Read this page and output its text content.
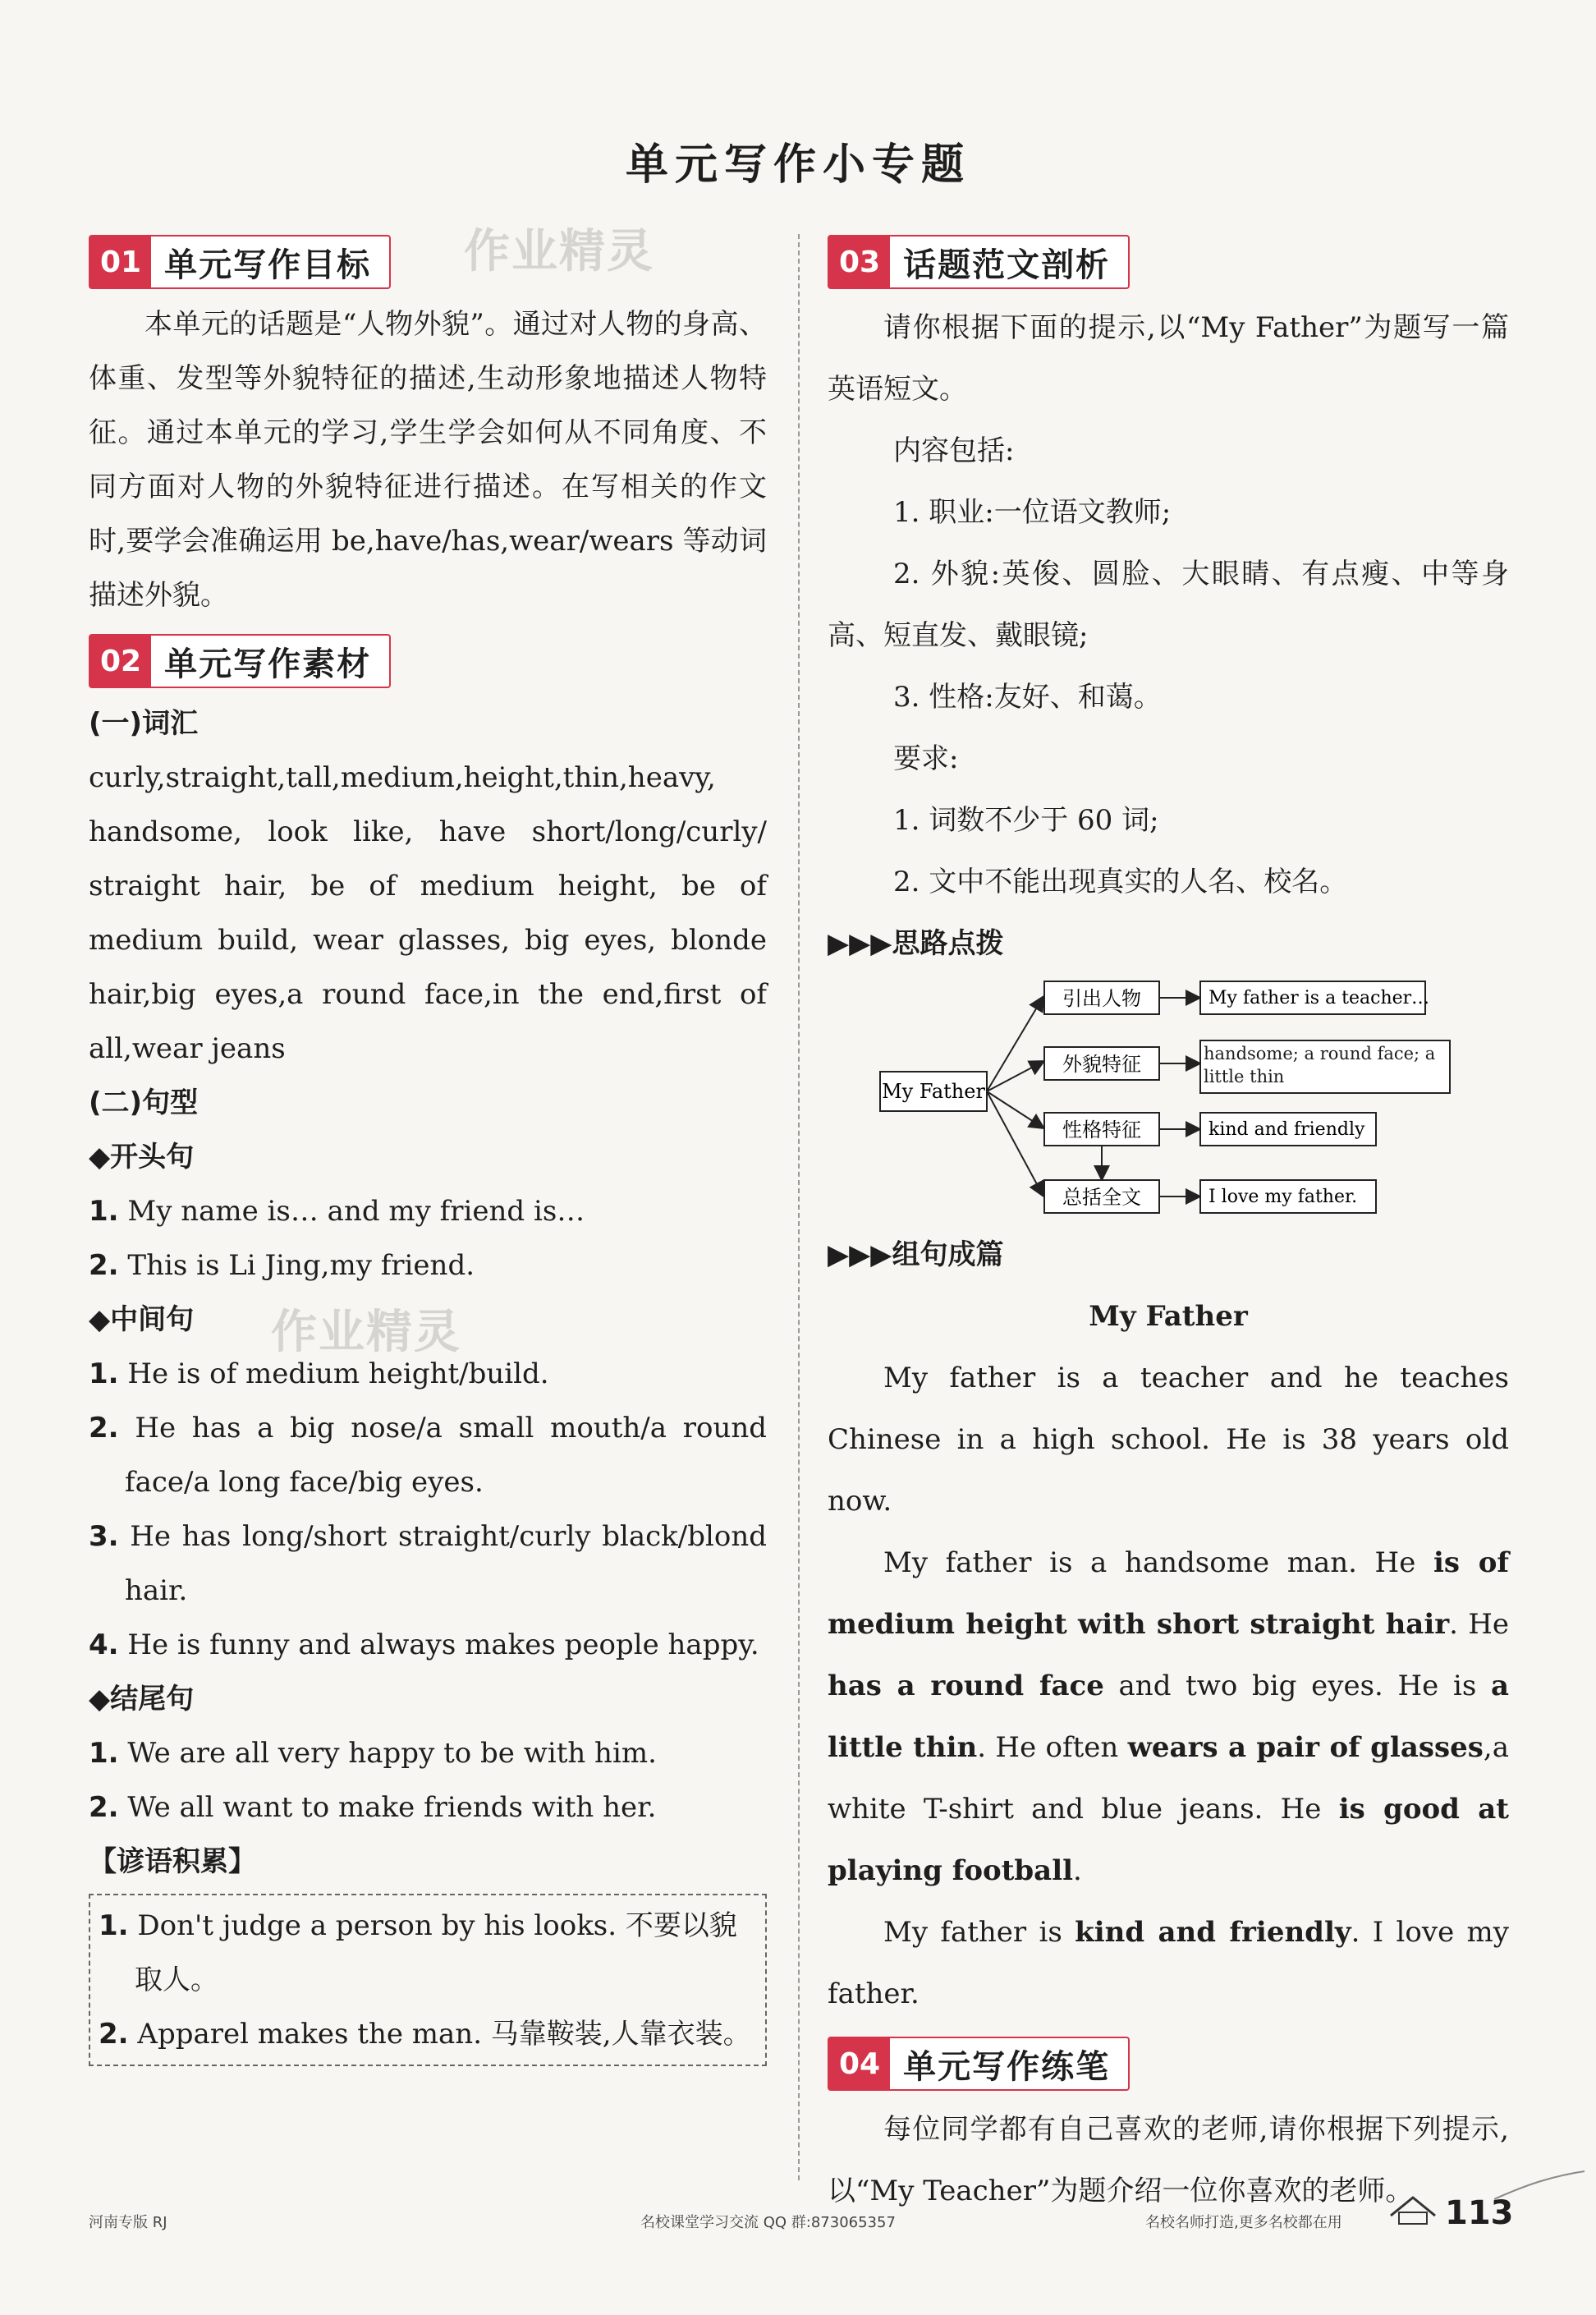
单元写作小专题
作业精灵
作业精灵
01 单元写作目标

本单元的话题是“人物外貌”。通过对人物的身高、体重、发型等外貌特征的描述,生动形象地描述人物特征。通过本单元的学习,学生学会如何从不同角度、不同方面对人物的外貌特征进行描述。在写相关的作文时,要学会准确运用 be,have/has,wear/wears 等动词描述外貌。

02 单元写作素材
(一)词汇

curly,straight,tall,medium,height,thin,heavy, handsome, look like, have short/long/curly/ straight hair, be of medium height, be of medium build, wear glasses, big eyes, blonde hair,big eyes,a round face,in the end,first of all,wear jeans

(二)句型
◆开头句
1. My name is… and my friend is…
2. This is Li Jing,my friend.
◆中间句
1. He is of medium height/build.
2. He has a big nose/a small mouth/a round face/a long face/big eyes.
3. He has long/short straight/curly black/blond hair.
4. He is funny and always makes people happy.
◆结尾句
1. We are all very happy to be with him.
2. We all want to make friends with her.
【谚语积累】
1. Don't judge a person by his looks. 不要以貌取人。
2. Apparel makes the man. 马靠鞍装,人靠衣装。
03 话题范文剖析

请你根据下面的提示,以“My Father”为题写一篇英语短文。

内容包括:
1. 职业:一位语文教师;
2. 外貌:英俊、圆脸、大眼睛、有点瘦、中等身高、短直发、戴眼镜;
3. 性格:友好、和蔼。
要求:
1. 词数不少于 60 词;
2. 文中不能出现真实的人名、校名。
▶▶▶思路点拨
My Father
引出人物
外貌特征
性格特征
总括全文
My father is a teacher…
handsome; a round face; a little thin
kind and friendly
I love my father.
▶▶▶组句成篇
My Father

My father is a teacher and he teaches Chinese in a high school. He is 38 years old now.

My father is a handsome man. He is of medium height with short straight hair. He has a round face and two big eyes. He is a little thin. He often wears a pair of glasses,a white T-shirt and blue jeans. He is good at playing football.

My father is kind and friendly. I love my father.

04 单元写作练笔

每位同学都有自己喜欢的老师,请你根据下列提示,以“My Teacher”为题介绍一位你喜欢的老师。

河南专版 RJ	名校课堂学习交流 QQ 群:873065357	名校名师打造,更多名校都在用	113
